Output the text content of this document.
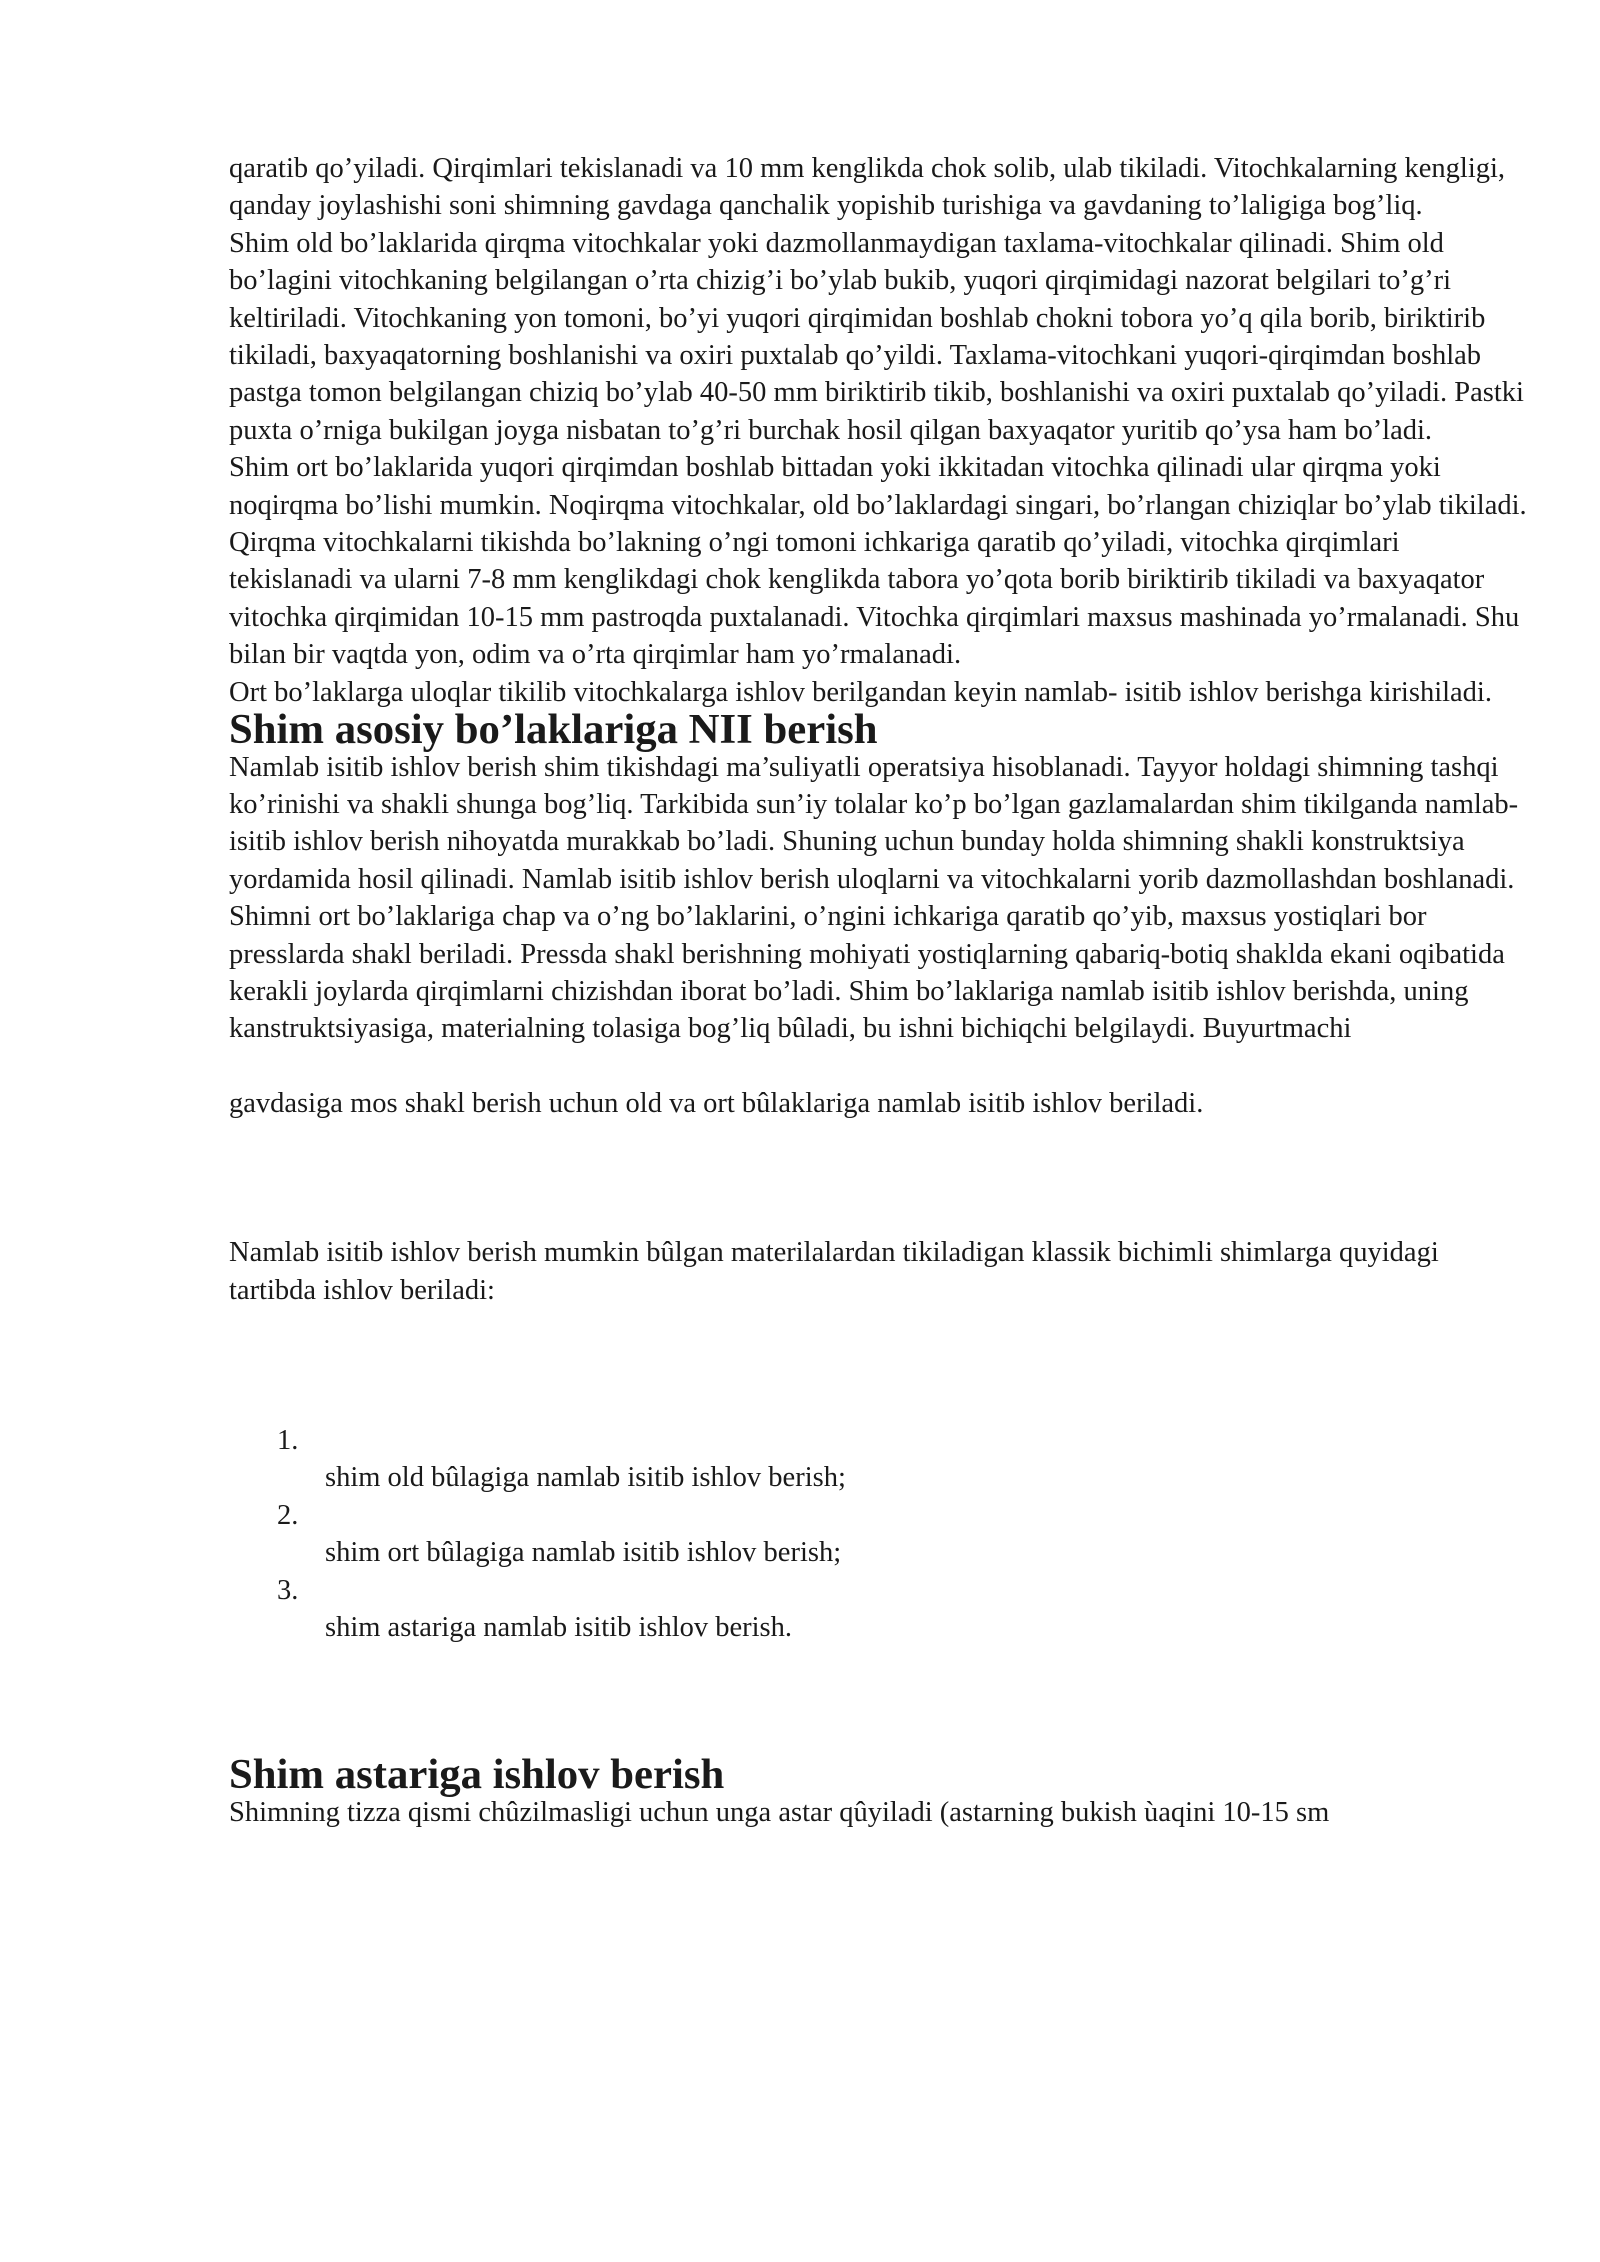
qaratib qo’yiladi. Qirqimlari tekislanadi va 10 mm kenglikda chok solib, ulab tikiladi. Vitochkalarning kengligi, qanday joylashishi soni shimning gavdaga qanchalik yopishib turishiga va gavdaning to’laligiga bog’liq.

Shim old bo’laklarida qirqma vitochkalar yoki dazmollanmaydigan taxlama-vitochkalar qilinadi. Shim old bo’lagini vitochkaning belgilangan o’rta chizig’i bo’ylab bukib, yuqori qirqimidagi nazorat belgilari to’g’ri keltiriladi. Vitochkaning yon tomoni, bo’yi yuqori qirqimidan boshlab chokni tobora yo’q qila borib, biriktirib tikiladi, baxyaqatorning boshlanishi va oxiri puxtalab qo’yildi. Taxlama-vitochkani yuqori-qirqimdan boshlab pastga tomon belgilangan chiziq bo’ylab 40-50 mm biriktirib tikib, boshlanishi va oxiri puxtalab qo’yiladi. Pastki puxta o’rniga bukilgan joyga nisbatan to’g’ri burchak hosil qilgan baxyaqator yuritib qo’ysa ham bo’ladi.

Shim ort bo’laklarida yuqori qirqimdan boshlab bittadan yoki ikkitadan vitochka qilinadi ular qirqma yoki noqirqma bo’lishi mumkin. Noqirqma vitochkalar, old bo’laklardagi singari, bo’rlangan chiziqlar bo’ylab tikiladi. Qirqma vitochkalarni tikishda bo’lakning o’ngi tomoni ichkariga qaratib qo’yiladi, vitochka qirqimlari tekislanadi va ularni 7-8 mm kenglikdagi chok kenglikda tabora yo’qota borib biriktirib tikiladi va baxyaqator vitochka qirqimidan 10-15 mm pastroqda puxtalanadi. Vitochka qirqimlari maxsus mashinada yo’rmalanadi. Shu bilan bir vaqtda yon, odim va o’rta qirqimlar ham yo’rmalanadi.

Ort bo’laklarga uloqlar tikilib vitochkalarga ishlov berilgandan keyin namlab- isitib ishlov berishga kirishiladi.

Shim asosiy bo’laklariga NII berish

Namlab isitib ishlov berish shim tikishdagi ma’suliyatli operatsiya hisoblanadi. Tayyor holdagi shimning tashqi ko’rinishi va shakli shunga bog’liq. Tarkibida sun’iy tolalar ko’p bo’lgan gazlamalardan shim tikilganda namlab-isitib ishlov berish nihoyatda murakkab bo’ladi. Shuning uchun bunday holda shimning shakli konstruktsiya yordamida hosil qilinadi. Namlab isitib ishlov berish uloqlarni va vitochkalarni yorib dazmollashdan boshlanadi. Shimni ort bo’laklariga chap va o’ng bo’laklarini, o’ngini ichkariga qaratib qo’yib, maxsus yostiqlari bor presslarda shakl beriladi. Pressda shakl berishning mohiyati yostiqlarning qabariq-botiq shaklda ekani oqibatida kerakli joylarda qirqimlarni chizishdan iborat bo’ladi. Shim bo’laklariga namlab isitib ishlov berishda, uning kanstruktsiyasiga, materialning tolasiga bog’liq bûladi, bu ishni bichiqchi belgilaydi. Buyurtmachi

gavdasiga mos shakl berish uchun old va ort bûlaklariga namlab isitib ishlov beriladi.

Namlab isitib ishlov berish mumkin bûlgan materilalardan tikiladigan klassik bichimli shimlarga quyidagi tartibda ishlov beriladi:

1.
shim old bûlagiga namlab isitib ishlov berish;
2.
shim ort bûlagiga namlab isitib ishlov berish;
3.
shim astariga namlab isitib ishlov berish.
Shim astariga ishlov berish

Shimning tizza qismi chûzilmasligi uchun unga astar qûyiladi (astarning bukish ùaqini 10-15 sm
